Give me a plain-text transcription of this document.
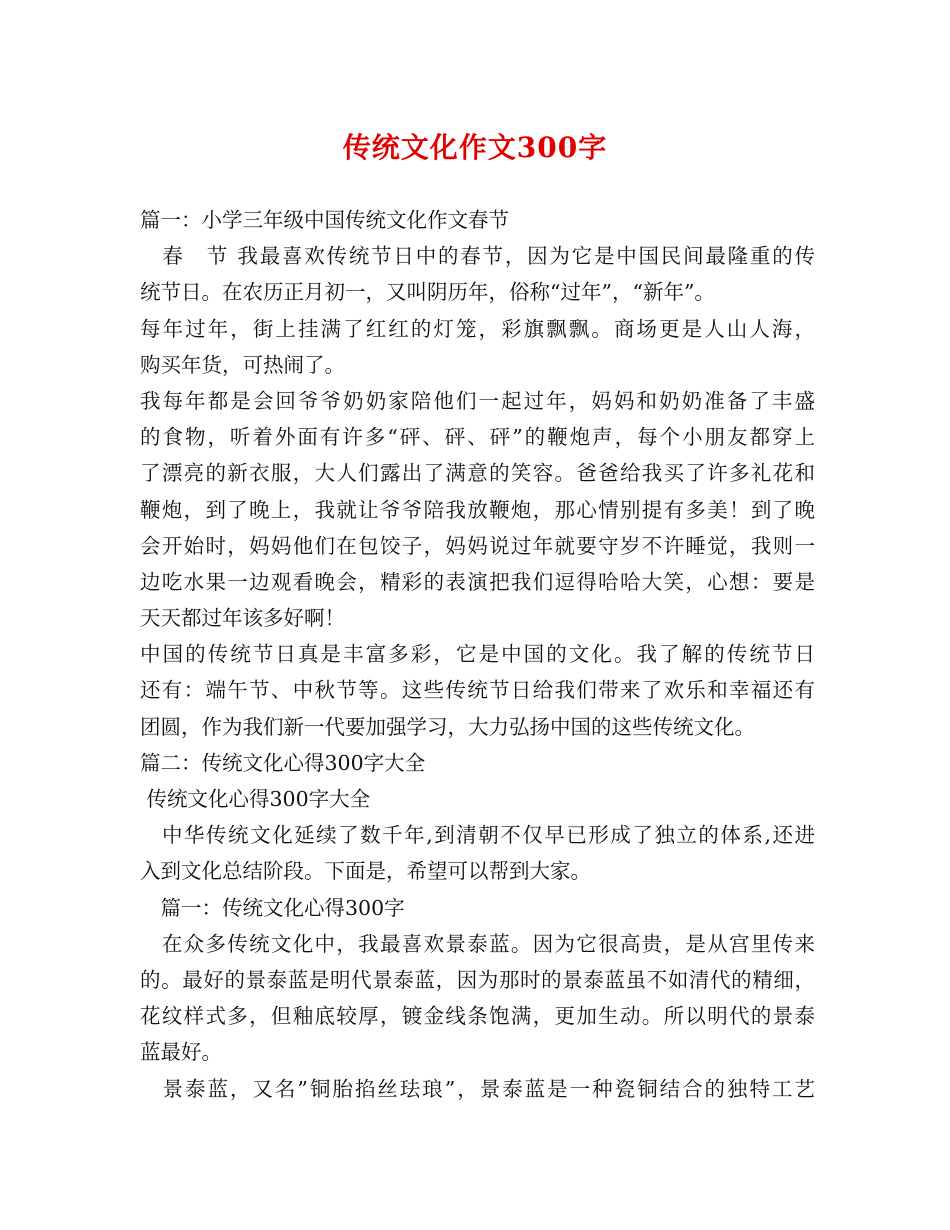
传统文化作文300字
篇一：小学三年级中国传统文化作文春节
　春　节 我最喜欢传统节日中的春节，因为它是中国民间最隆重的传
统节日。在农历正月初一，又叫阴历年，俗称“过年”，“新年”。
每年过年，街上挂满了红红的灯笼，彩旗飘飘。商场更是人山人海，
购买年货，可热闹了。
我每年都是会回爷爷奶奶家陪他们一起过年，妈妈和奶奶准备了丰盛
的食物，听着外面有许多“砰、砰、砰”的鞭炮声，每个小朋友都穿上
了漂亮的新衣服，大人们露出了满意的笑容。爸爸给我买了许多礼花和
鞭炮，到了晚上，我就让爷爷陪我放鞭炮，那心情别提有多美！到了晚
会开始时，妈妈他们在包饺子，妈妈说过年就要守岁不许睡觉，我则一
边吃水果一边观看晚会，精彩的表演把我们逗得哈哈大笑，心想：要是
天天都过年该多好啊！
中国的传统节日真是丰富多彩，它是中国的文化。我了解的传统节日
还有：端午节、中秋节等。这些传统节日给我们带来了欢乐和幸福还有
团圆，作为我们新一代要加强学习，大力弘扬中国的这些传统文化。
篇二：传统文化心得300字大全
传统文化心得300字大全
　中华传统文化延续了数千年,到清朝不仅早已形成了独立的体系,还进
入到文化总结阶段。下面是，希望可以帮到大家。
　篇一：传统文化心得300字
　在众多传统文化中，我最喜欢景泰蓝。因为它很高贵，是从宫里传来
的。最好的景泰蓝是明代景泰蓝，因为那时的景泰蓝虽不如清代的精细，
花纹样式多，但釉底较厚，镀金线条饱满，更加生动。所以明代的景泰
蓝最好。
　景泰蓝，又名”铜胎掐丝珐琅”，景泰蓝是一种瓷铜结合的独特工艺
